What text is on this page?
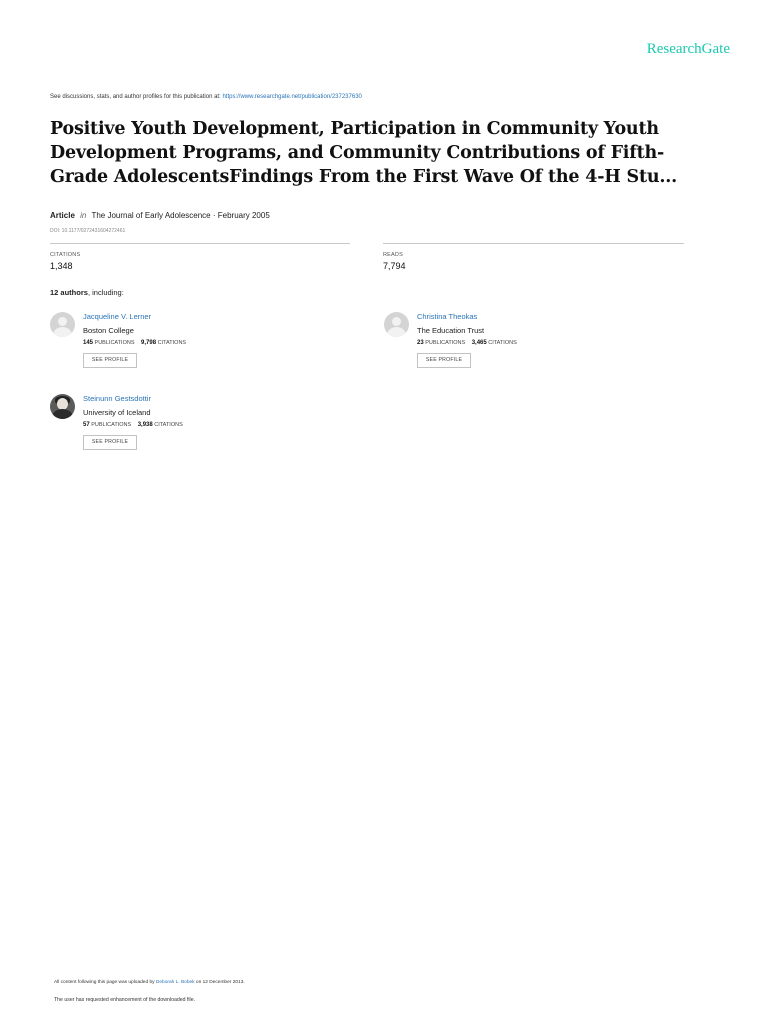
ResearchGate
See discussions, stats, and author profiles for this publication at: https://www.researchgate.net/publication/237237630
Positive Youth Development, Participation in Community Youth Development Programs, and Community Contributions of Fifth-Grade AdolescentsFindings From the First Wave Of the 4-H Stu...
Article in The Journal of Early Adolescence · February 2005
DOI: 10.1177/0272431604272461
CITATIONS
1,348
READS
7,794
12 authors, including:
Jacqueline V. Lerner
Boston College
145 PUBLICATIONS 9,798 CITATIONS
SEE PROFILE
Christina Theokas
The Education Trust
23 PUBLICATIONS 3,465 CITATIONS
SEE PROFILE
Steinunn Gestsdottir
University of Iceland
57 PUBLICATIONS 3,938 CITATIONS
SEE PROFILE
All content following this page was uploaded by Deborah L. Bobek on 12 December 2013.
The user has requested enhancement of the downloaded file.
